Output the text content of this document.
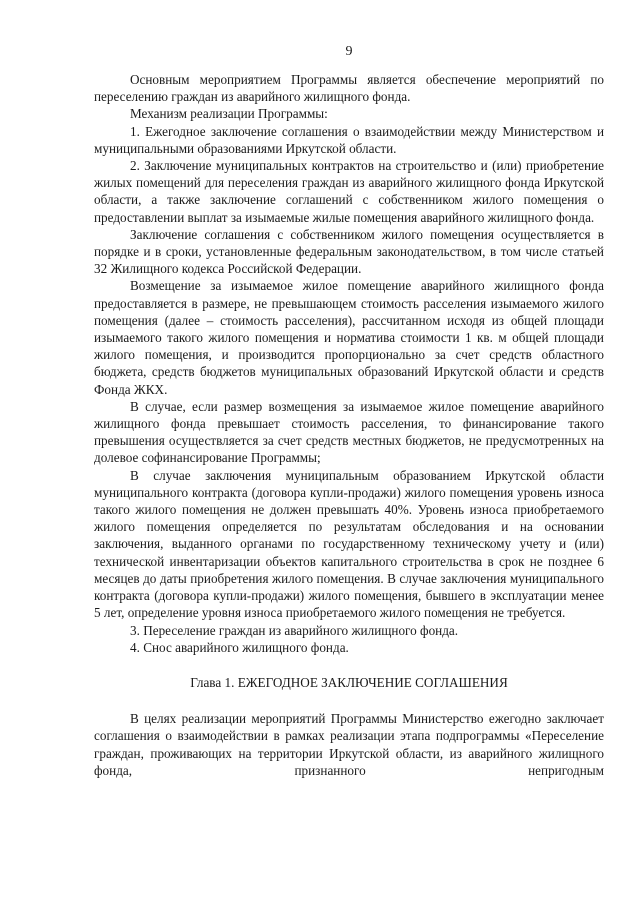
9

Основным мероприятием Программы является обеспечение мероприятий по переселению граждан из аварийного жилищного фонда.

Механизм реализации Программы:

1. Ежегодное заключение соглашения о взаимодействии между Министерством и муниципальными образованиями Иркутской области.

2. Заключение муниципальных контрактов на строительство и (или) приобретение жилых помещений для переселения граждан из аварийного жилищного фонда Иркутской области, а также заключение соглашений с собственником жилого помещения о предоставлении выплат за изымаемые жилые помещения аварийного жилищного фонда.

Заключение соглашения с собственником жилого помещения осуществляется в порядке и в сроки, установленные федеральным законодательством, в том числе статьей 32 Жилищного кодекса Российской Федерации.

Возмещение за изымаемое жилое помещение аварийного жилищного фонда предоставляется в размере, не превышающем стоимость расселения изымаемого жилого помещения (далее – стоимость расселения), рассчитанном исходя из общей площади изымаемого такого жилого помещения и норматива стоимости 1 кв. м общей площади жилого помещения, и производится пропорционально за счет средств областного бюджета, средств бюджетов муниципальных образований Иркутской области и средств Фонда ЖКХ.

В случае, если размер возмещения за изымаемое жилое помещение аварийного жилищного фонда превышает стоимость расселения, то финансирование такого превышения осуществляется за счет средств местных бюджетов, не предусмотренных на долевое софинансирование Программы;

В случае заключения муниципальным образованием Иркутской области муниципального контракта (договора купли-продажи) жилого помещения уровень износа такого жилого помещения не должен превышать 40%. Уровень износа приобретаемого жилого помещения определяется по результатам обследования и на основании заключения, выданного органами по государственному техническому учету и (или) технической инвентаризации объектов капитального строительства в срок не позднее 6 месяцев до даты приобретения жилого помещения. В случае заключения муниципального контракта (договора купли-продажи) жилого помещения, бывшего в эксплуатации менее 5 лет, определение уровня износа приобретаемого жилого помещения не требуется.

3. Переселение граждан из аварийного жилищного фонда.

4. Снос аварийного жилищного фонда.

Глава 1. ЕЖЕГОДНОЕ ЗАКЛЮЧЕНИЕ СОГЛАШЕНИЯ

В целях реализации мероприятий Программы Министерство ежегодно заключает соглашения о взаимодействии в рамках реализации этапа подпрограммы «Переселение граждан, проживающих на территории Иркутской области, из аварийного жилищного фонда, признанного непригодным
